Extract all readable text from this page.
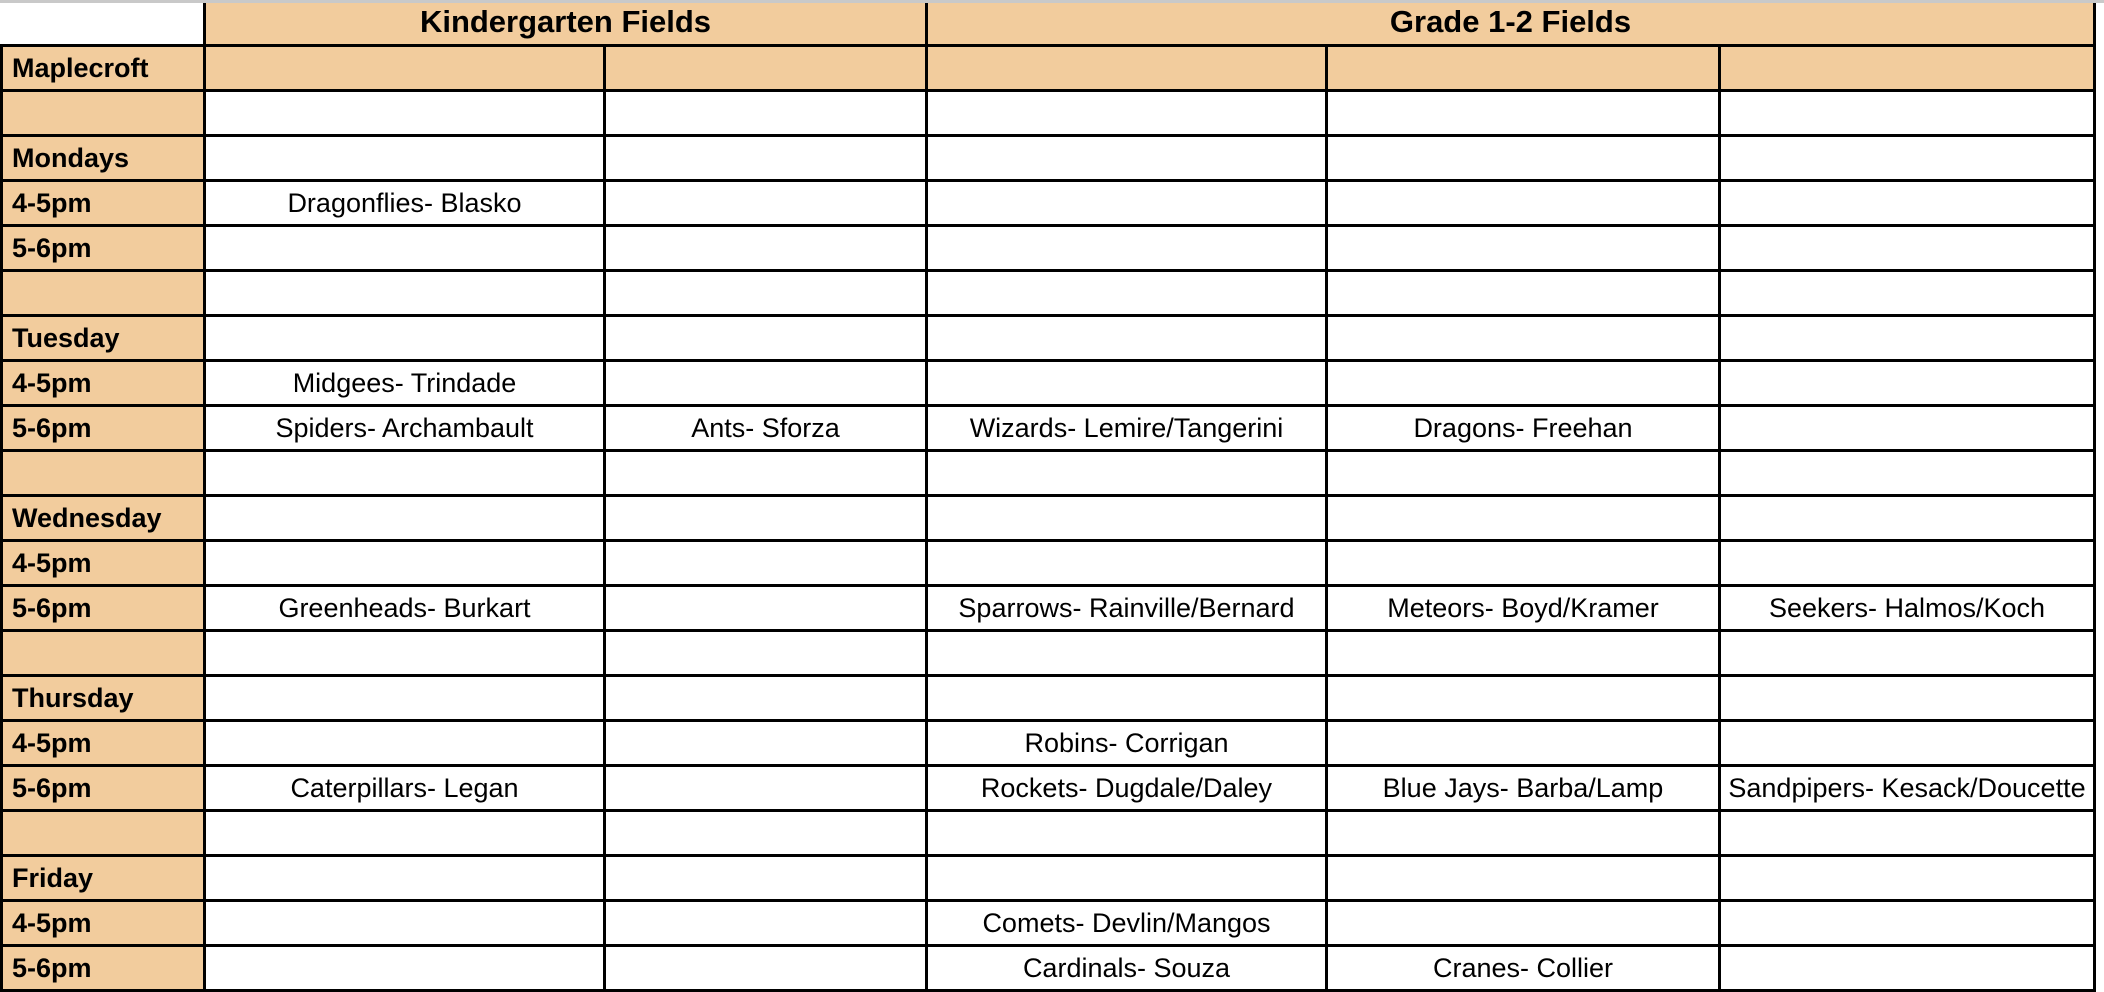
	Kindergarten Fields		Grade 1-2 Fields		
Maplecroft					

Mondays					
4-5pm	Dragonflies- Blasko				
5-6pm					

Tuesday					
4-5pm	Midgees- Trindade				
5-6pm	Spiders- Archambault	Ants- Sforza	Wizards- Lemire/Tangerini	Dragons- Freehan	

Wednesday					
4-5pm					
5-6pm	Greenheads- Burkart		Sparrows- Rainville/Bernard	Meteors- Boyd/Kramer	Seekers- Halmos/Koch

Thursday					
4-5pm			Robins- Corrigan		
5-6pm	Caterpillars- Legan		Rockets- Dugdale/Daley	Blue Jays- Barba/Lamp	Sandpipers- Kesack/Doucette

Friday					
4-5pm			Comets- Devlin/Mangos		
5-6pm			Cardinals- Souza	Cranes- Collier	
